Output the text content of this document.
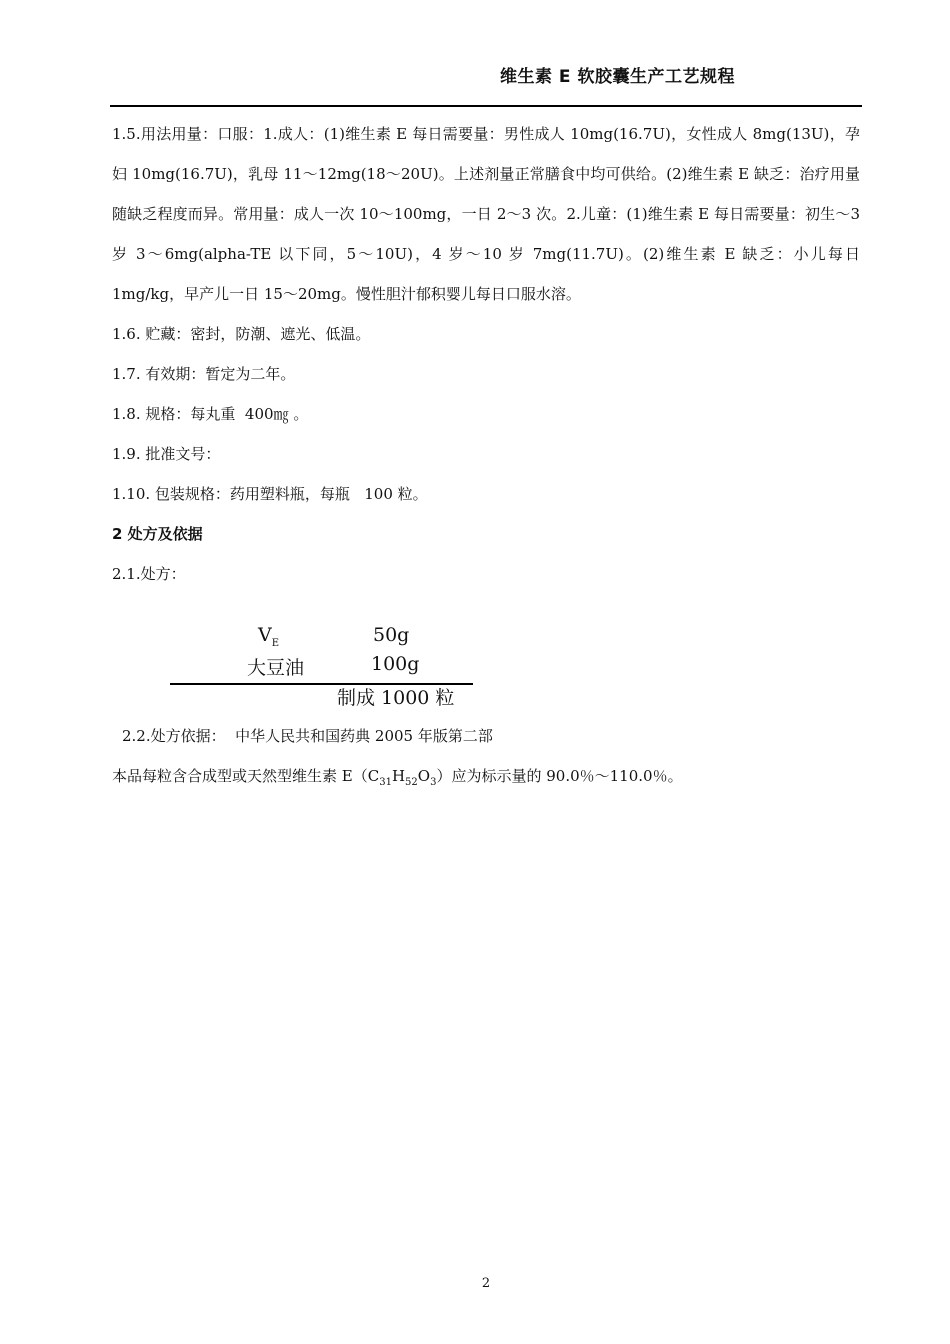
维生素 E 软胶囊生产工艺规程

1.5.用法用量：口服：1.成人：(1)维生素 E 每日需要量：男性成人 10mg(16.7U)，女性成人 8mg(13U)，孕妇 10mg(16.7U)，乳母 11～12mg(18～20U)。上述剂量正常膳食中均可供给。(2)维生素 E 缺乏：治疗用量随缺乏程度而异。常用量：成人一次 10～100mg，一日 2～3 次。2.儿童：(1)维生素 E 每日需要量：初生～3 岁 3～6mg(alpha-TE 以下同，5～10U)，4 岁～10 岁 7mg(11.7U)。(2)维生素 E 缺乏：小儿每日 1mg/kg，早产儿一日 15～20mg。慢性胆汁郁积婴儿每日口服水溶。

1.6. 贮藏：密封，防潮、遮光、低温。

1.7. 有效期：暂定为二年。

1.8. 规格：每丸重  400㎎ 。

1.9. 批准文号：

1.10. 包装规格：药用塑料瓶，每瓶   100 粒。

2 处方及依据

2.1.处方：

$V_E$	50g
大豆油	100g
制成 1000 粒

2.2.处方依据：  中华人民共和国药典 2005 年版第二部

本品每粒含合成型或天然型维生素 $E(C_{31}H_{52}O_3)$应为标示量的 90.0％～110.0％。

2
